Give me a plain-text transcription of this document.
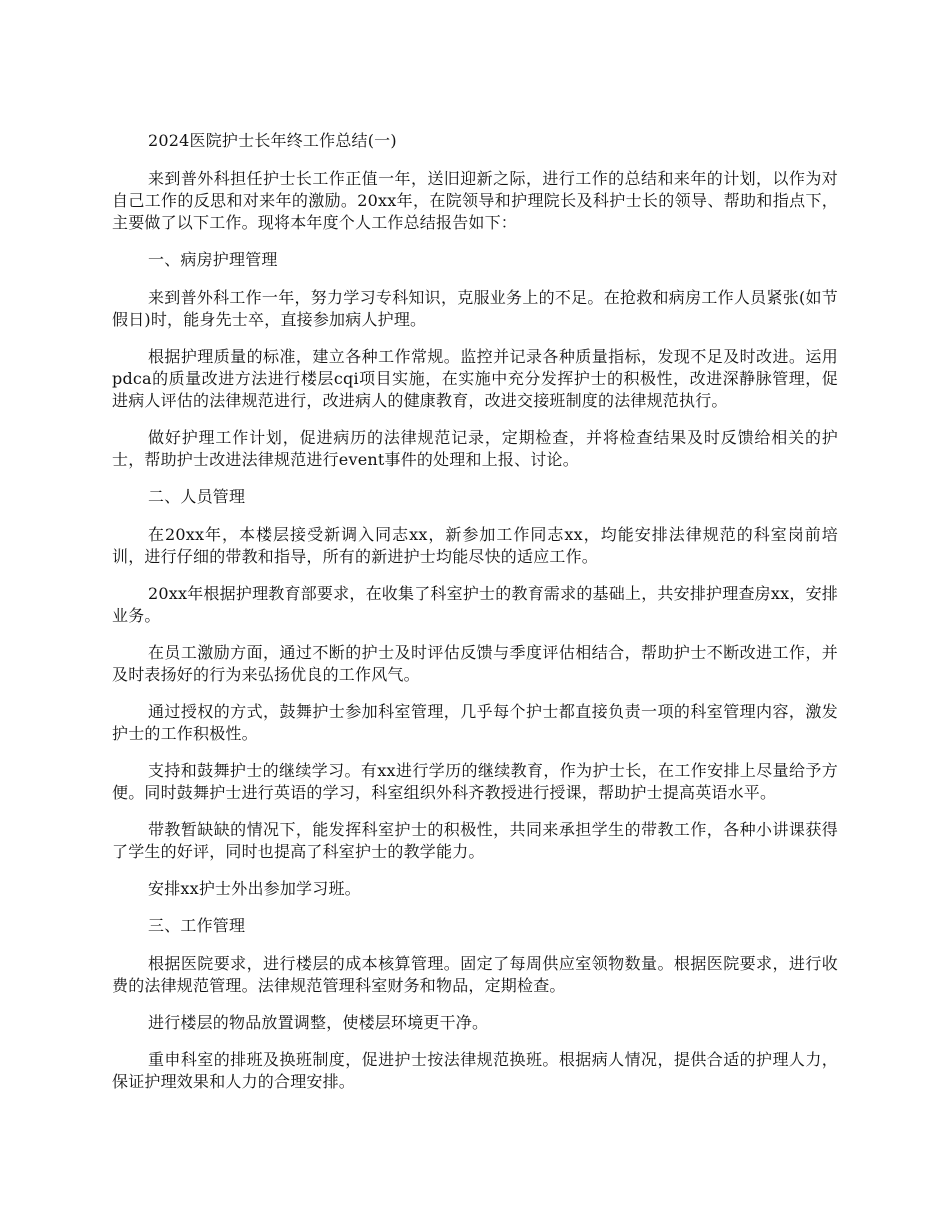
2024医院护士长年终工作总结(一)

来到普外科担任护士长工作正值一年，送旧迎新之际，进行工作的总结和来年的计划，以作为对自己工作的反思和对来年的激励。20xx年，在院领导和护理院长及科护士长的领导、帮助和指点下，主要做了以下工作。现将本年度个人工作总结报告如下：

一、病房护理管理

来到普外科工作一年，努力学习专科知识，克服业务上的不足。在抢救和病房工作人员紧张(如节假日)时，能身先士卒，直接参加病人护理。

根据护理质量的标准，建立各种工作常规。监控并记录各种质量指标，发现不足及时改进。运用pdca的质量改进方法进行楼层cqi项目实施，在实施中充分发挥护士的积极性，改进深静脉管理，促进病人评估的法律规范进行，改进病人的健康教育，改进交接班制度的法律规范执行。

做好护理工作计划，促进病历的法律规范记录，定期检查，并将检查结果及时反馈给相关的护士，帮助护士改进法律规范进行event事件的处理和上报、讨论。

二、人员管理

在20xx年，本楼层接受新调入同志xx，新参加工作同志xx，均能安排法律规范的科室岗前培训，进行仔细的带教和指导，所有的新进护士均能尽快的适应工作。

20xx年根据护理教育部要求，在收集了科室护士的教育需求的基础上，共安排护理查房xx，安排业务。

在员工激励方面，通过不断的护士及时评估反馈与季度评估相结合，帮助护士不断改进工作，并及时表扬好的行为来弘扬优良的工作风气。

通过授权的方式，鼓舞护士参加科室管理，几乎每个护士都直接负责一项的科室管理内容，激发护士的工作积极性。

支持和鼓舞护士的继续学习。有xx进行学历的继续教育，作为护士长，在工作安排上尽量给予方便。同时鼓舞护士进行英语的学习，科室组织外科齐教授进行授课，帮助护士提高英语水平。

带教暂缺缺的情况下，能发挥科室护士的积极性，共同来承担学生的带教工作，各种小讲课获得了学生的好评，同时也提高了科室护士的教学能力。

安排xx护士外出参加学习班。

三、工作管理

根据医院要求，进行楼层的成本核算管理。固定了每周供应室领物数量。根据医院要求，进行收费的法律规范管理。法律规范管理科室财务和物品，定期检查。

进行楼层的物品放置调整，使楼层环境更干净。

重申科室的排班及换班制度，促进护士按法律规范换班。根据病人情况，提供合适的护理人力，保证护理效果和人力的合理安排。
